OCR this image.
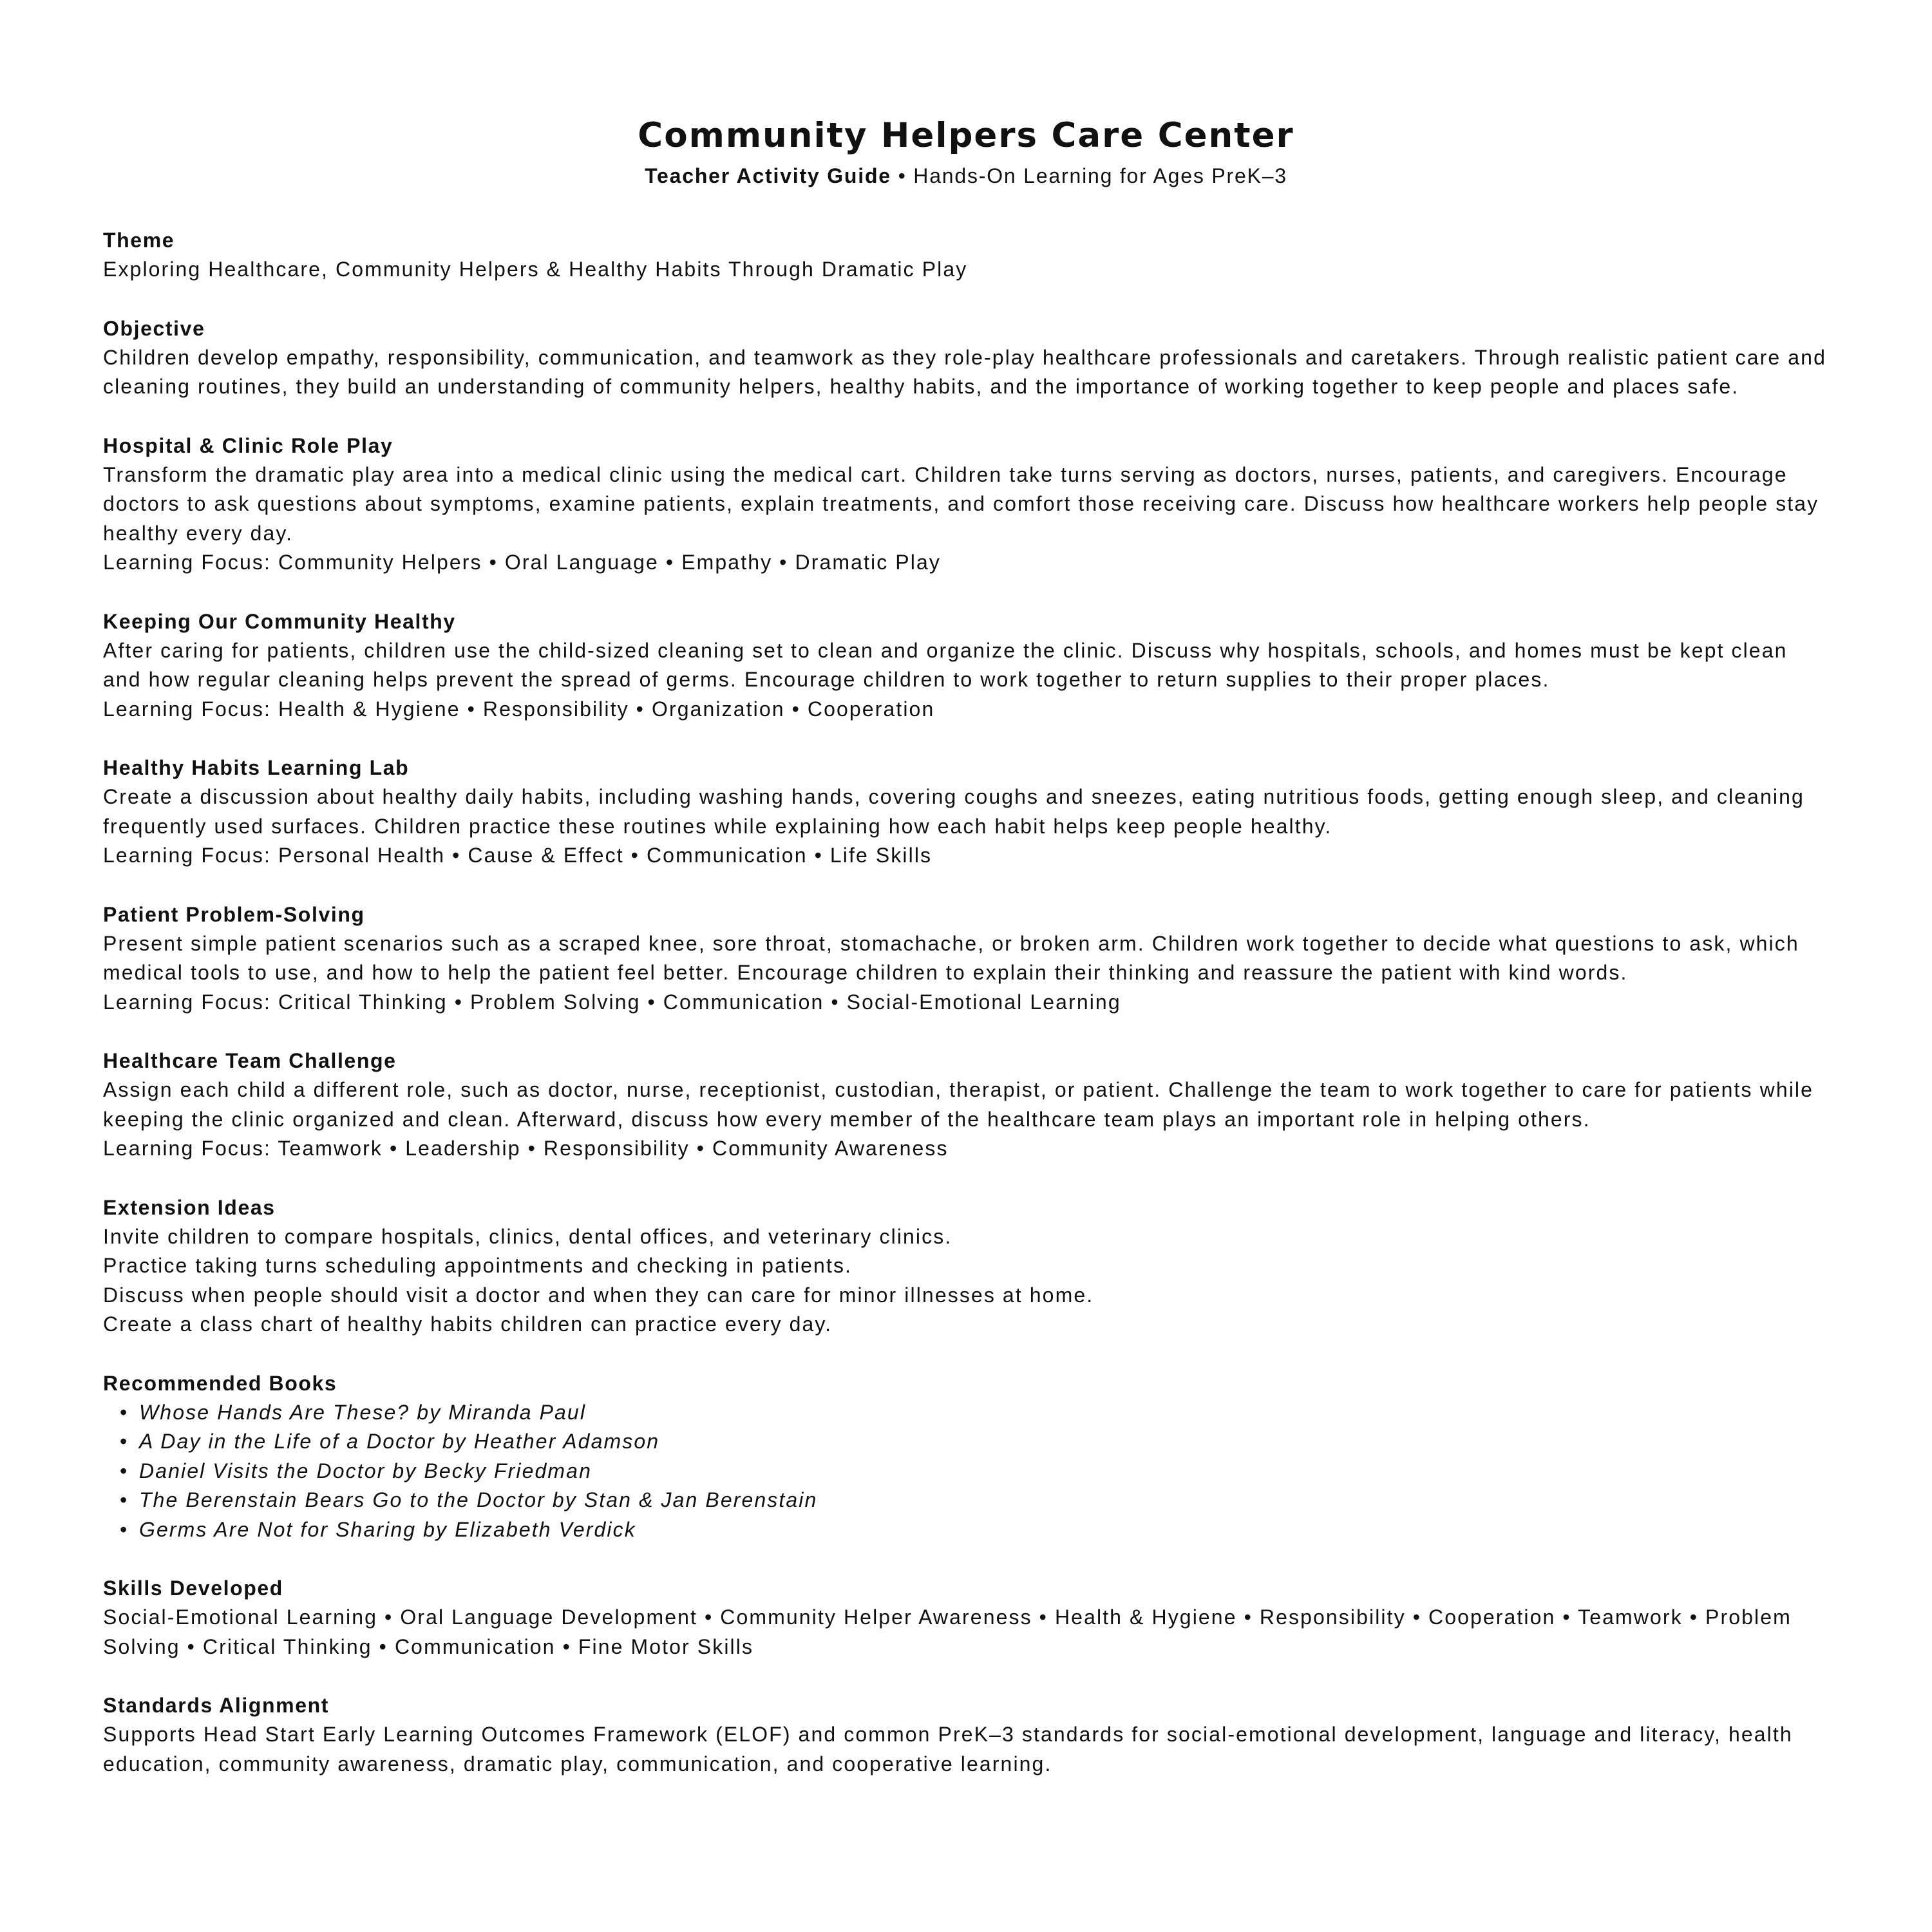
Community Helpers Care Center
Teacher Activity Guide • Hands-On Learning for Ages PreK–3
Theme

Exploring Healthcare, Community Helpers & Healthy Habits Through Dramatic Play

Objective

Children develop empathy, responsibility, communication, and teamwork as they role-play healthcare professionals and caretakers. Through realistic patient care and cleaning routines, they build an understanding of community helpers, healthy habits, and the importance of working together to keep people and places safe.

Hospital & Clinic Role Play

Transform the dramatic play area into a medical clinic using the medical cart. Children take turns serving as doctors, nurses, patients, and caregivers. Encourage doctors to ask questions about symptoms, examine patients, explain treatments, and comfort those receiving care. Discuss how healthcare workers help people stay healthy every day.

Learning Focus: Community Helpers • Oral Language • Empathy • Dramatic Play

Keeping Our Community Healthy

After caring for patients, children use the child-sized cleaning set to clean and organize the clinic. Discuss why hospitals, schools, and homes must be kept clean and how regular cleaning helps prevent the spread of germs. Encourage children to work together to return supplies to their proper places.

Learning Focus: Health & Hygiene • Responsibility • Organization • Cooperation

Healthy Habits Learning Lab

Create a discussion about healthy daily habits, including washing hands, covering coughs and sneezes, eating nutritious foods, getting enough sleep, and cleaning frequently used surfaces. Children practice these routines while explaining how each habit helps keep people healthy.

Learning Focus: Personal Health • Cause & Effect • Communication • Life Skills

Patient Problem-Solving

Present simple patient scenarios such as a scraped knee, sore throat, stomachache, or broken arm. Children work together to decide what questions to ask, which medical tools to use, and how to help the patient feel better. Encourage children to explain their thinking and reassure the patient with kind words.

Learning Focus: Critical Thinking • Problem Solving • Communication • Social-Emotional Learning

Healthcare Team Challenge

Assign each child a different role, such as doctor, nurse, receptionist, custodian, therapist, or patient. Challenge the team to work together to care for patients while keeping the clinic organized and clean. Afterward, discuss how every member of the healthcare team plays an important role in helping others.

Learning Focus: Teamwork • Leadership • Responsibility • Community Awareness

Extension Ideas
Invite children to compare hospitals, clinics, dental offices, and veterinary clinics.
Practice taking turns scheduling appointments and checking in patients.
Discuss when people should visit a doctor and when they can care for minor illnesses at home.
Create a class chart of healthy habits children can practice every day.
Recommended Books
• Whose Hands Are These? by Miranda Paul
• A Day in the Life of a Doctor by Heather Adamson
• Daniel Visits the Doctor by Becky Friedman
• The Berenstain Bears Go to the Doctor by Stan & Jan Berenstain
• Germs Are Not for Sharing by Elizabeth Verdick
Skills Developed

Social-Emotional Learning • Oral Language Development • Community Helper Awareness • Health & Hygiene • Responsibility • Cooperation • Teamwork • Problem Solving • Critical Thinking • Communication • Fine Motor Skills

Standards Alignment

Supports Head Start Early Learning Outcomes Framework (ELOF) and common PreK–3 standards for social-emotional development, language and literacy, health education, community awareness, dramatic play, communication, and cooperative learning.
